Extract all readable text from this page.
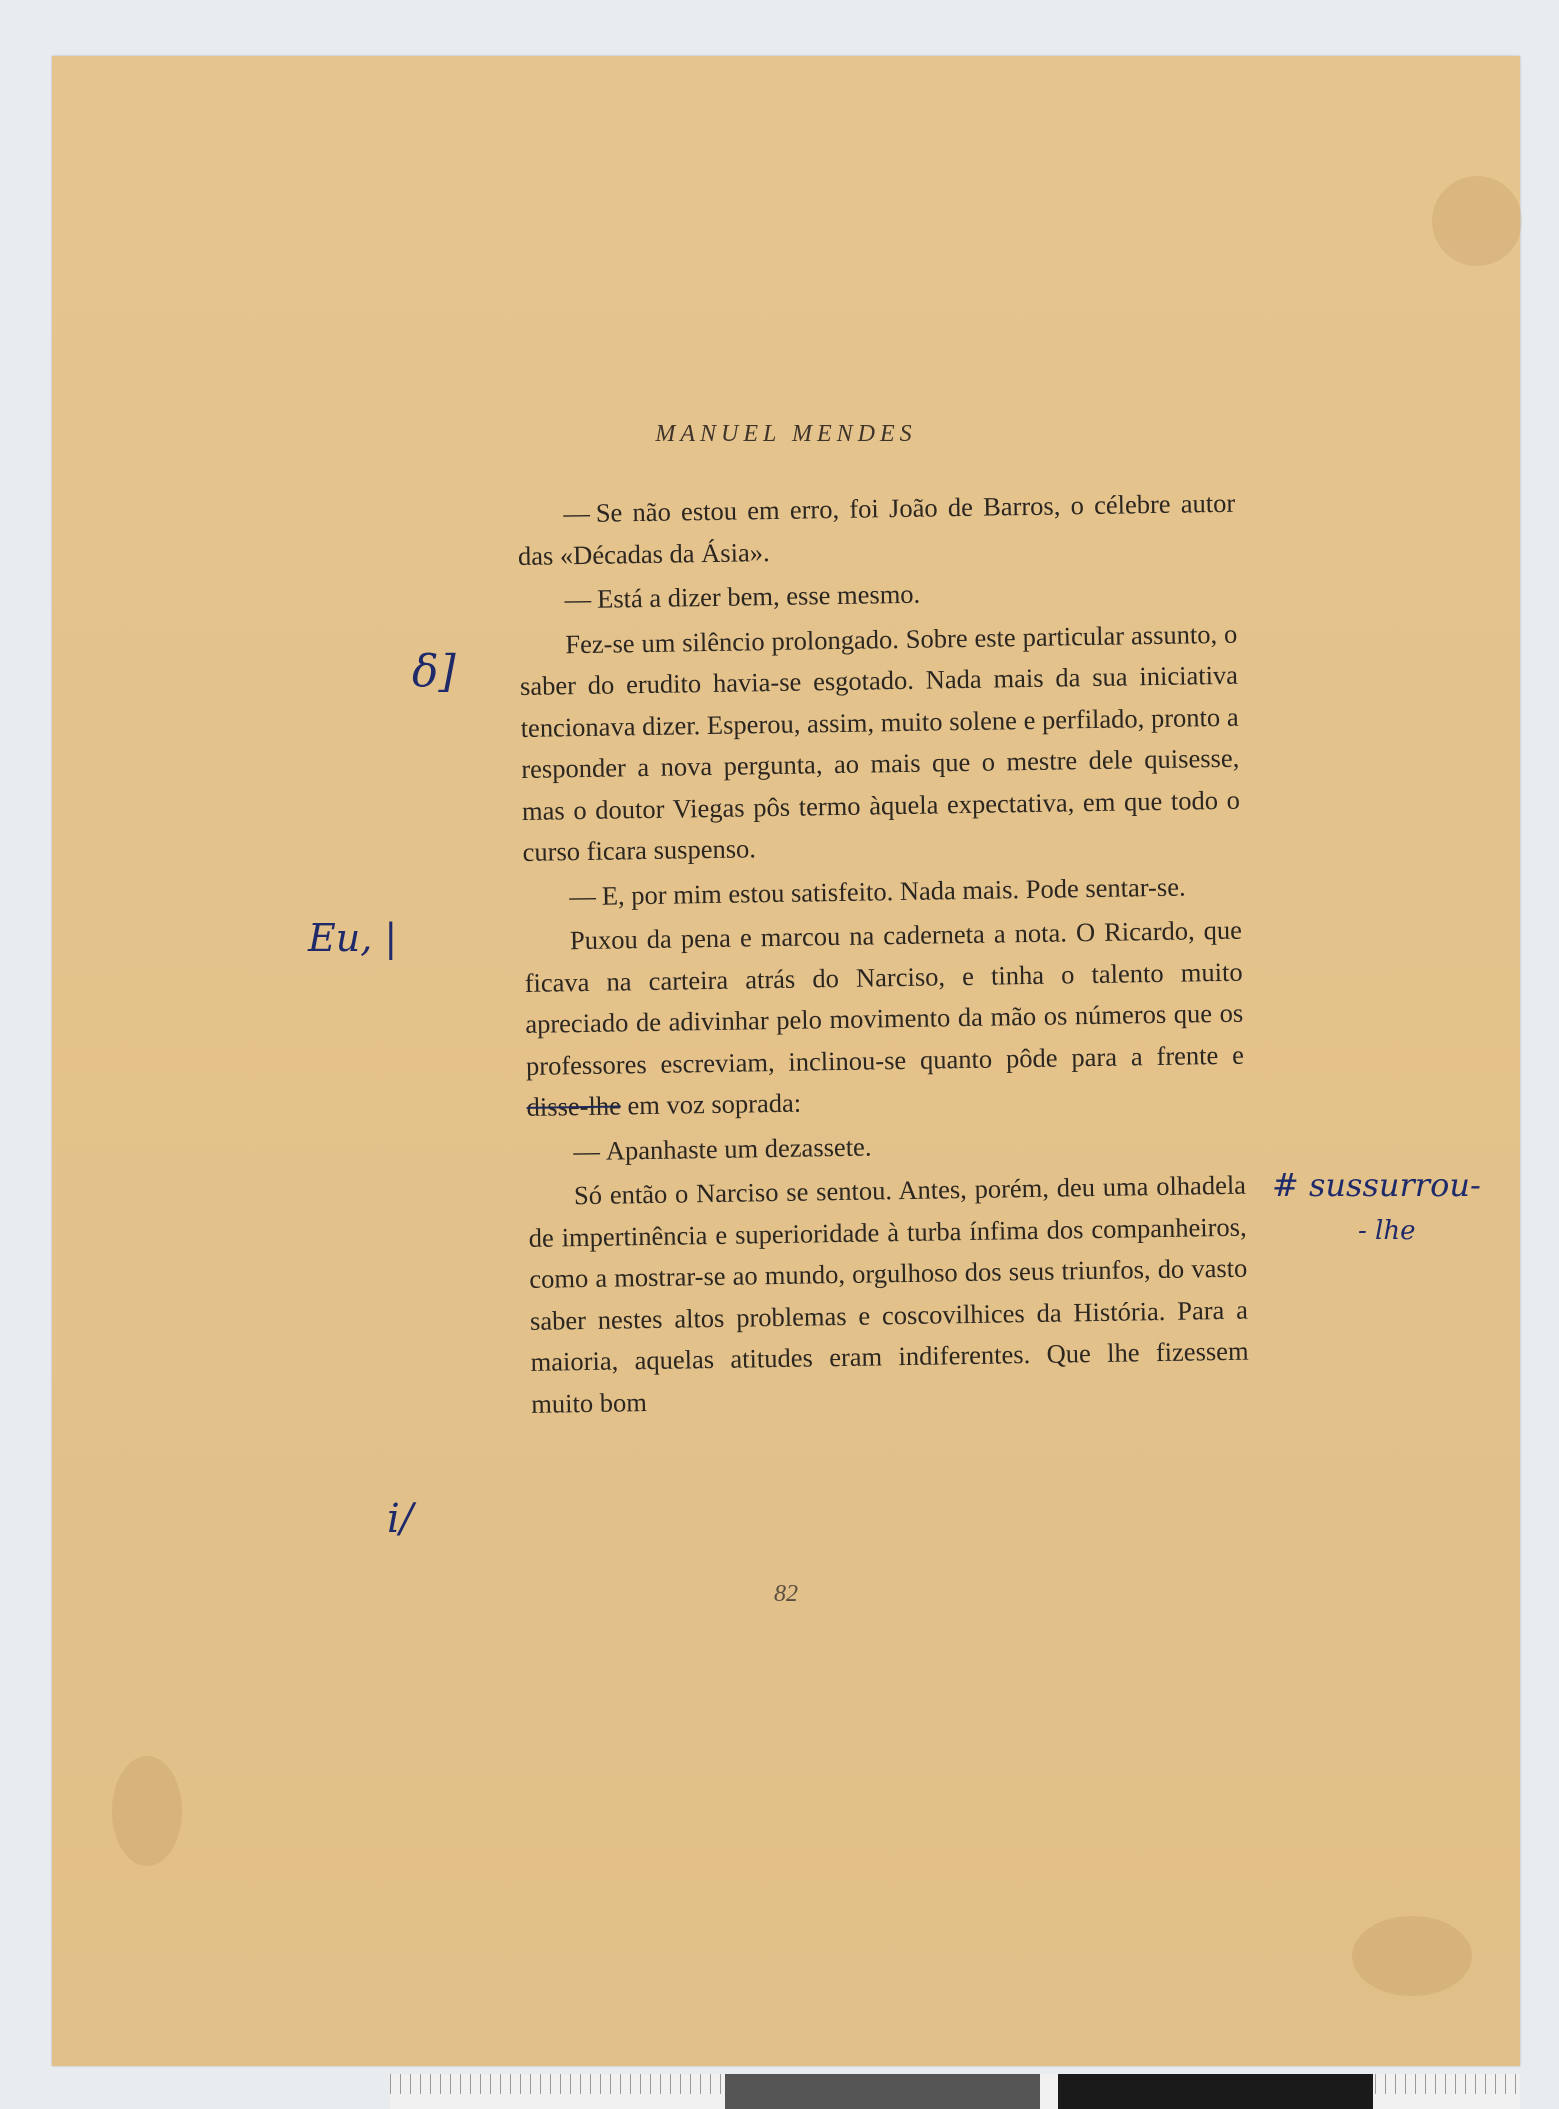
MANUEL MENDES

— Se não estou em erro, foi João de Barros, o célebre autor das «Décadas da Ásia».

— Está a dizer bem, esse mesmo.

Fez-se um silêncio prolongado. Sobre este particular assunto, o saber do erudito havia-se esgotado. Nada mais da sua iniciativa tencionava dizer. Esperou, assim, muito solene e perfilado, pronto a responder a nova pergunta, ao mais que o mestre dele quisesse, mas o doutor Viegas pôs termo àquela expectativa, em que todo o curso ficara suspenso.

— E, por mim estou satisfeito. Nada mais. Pode sentar-se.

Puxou da pena e marcou na caderneta a nota. O Ricardo, que ficava na carteira atrás do Narciso, e tinha o talento muito apreciado de adivinhar pelo movimento da mão os números que os professores escreviam, inclinou-se quanto pôde para a frente e disse-lhe em voz soprada:

— Apanhaste um dezassete.

Só então o Narciso se sentou. Antes, porém, deu uma olhadela de impertinência e superioridade à turba ínfima dos companheiros, como a mostrar-se ao mundo, orgulhoso dos seus triunfos, do vasto saber nestes altos problemas e coscovilhices da História. Para a maioria, aquelas atitudes eram indiferentes. Que lhe fizessem muito bom

82
δ]
Eu, |
i/
# sussurrou-
- lhe
